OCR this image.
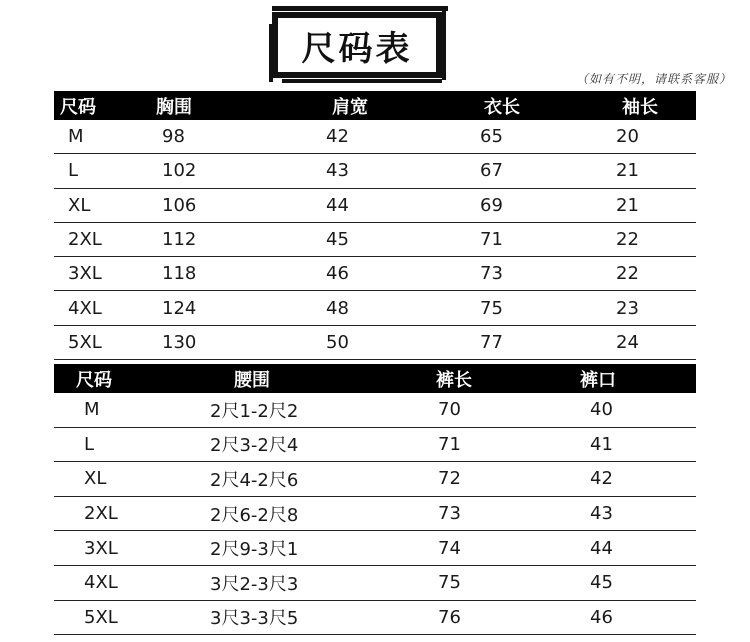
尺码表
（如有不明，请联系客服）
尺码	胸围	肩宽	衣长	袖长
M	98	42	65	20
L	102	43	67	21
XL	106	44	69	21
2XL	112	45	71	22
3XL	118	46	73	22
4XL	124	48	75	23
5XL	130	50	77	24
尺码	腰围	裤长	裤口
M	2尺1-2尺2	70	40
L	2尺3-2尺4	71	41
XL	2尺4-2尺6	72	42
2XL	2尺6-2尺8	73	43
3XL	2尺9-3尺1	74	44
4XL	3尺2-3尺3	75	45
5XL	3尺3-3尺5	76	46
